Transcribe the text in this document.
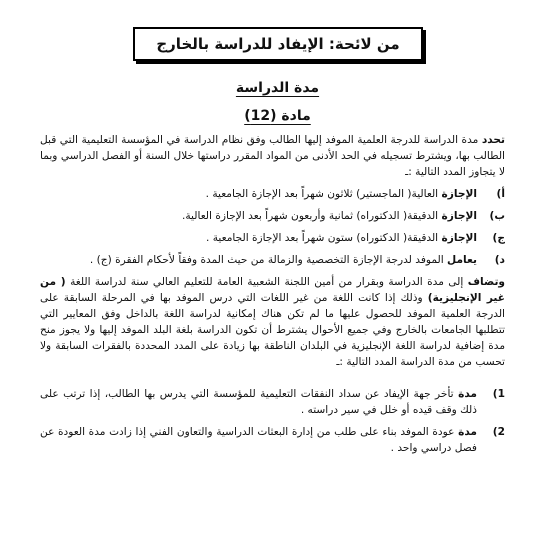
من لائحة: الإيفاد للدراسة بالخارج
مدة الدراسة
مادة (12)

تحدد مدة الدراسة للدرجة العلمية الموفد إليها الطالب وفق نظام الدراسة في المؤسسة التعليمية التي قبل الطالب بها، ويشترط تسجيله في الحد الأدنى من المواد المقرر دراستها خلال السنة أو الفصل الدراسي وبما لا يتجاوز المدد التالية :ـ

أ)
الإجازة العالية( الماجستير) ثلاثون شهراً بعد الإجازة الجامعية .
ب)
الإجازة الدقيقة( الدكتوراه) ثمانية وأربعون شهراً بعد الإجازة العالية.
ج)
الإجازة الدقيقة( الدكتوراه) ستون شهراً بعد الإجازة الجامعية .
د)
يعامل الموفد لدرجة الإجازة التخصصية والزمالة من حيث المدة وفقاً لأحكام الفقرة (ج) .

وتضاف إلى مدة الدراسة وبقرار من أمين اللجنة الشعبية العامة للتعليم العالي سنة لدراسة اللغة ( من غير الإنجليزية) وذلك إذا كانت اللغة من غير اللغات التي درس الموفد بها في المرحلة السابقة على الدرجة العلمية الموفد للحصول عليها ما لم تكن هناك إمكانية لدراسة اللغة بالداخل وفق المعايير التي تتطلبها الجامعات بالخارج وفي جميع الأحوال يشترط أن تكون الدراسة بلغة البلد الموفد إليها ولا يجوز منح مدة إضافية لدراسة اللغة الإنجليزية في البلدان الناطقة بها زيادة على المدد المحددة بالفقرات السابقة ولا تحسب من مدة الدراسة المدد التالية :ـ

1)
مدة تأخر جهة الإيفاد عن سداد النفقات التعليمية للمؤسسة التي يدرس بها الطالب، إذا ترتب على ذلك وقف قيده أو خلل في سير دراسته .
2)
مدة عودة الموفد بناء على طلب من إدارة البعثات الدراسية والتعاون الفني إذا زادت مدة العودة عن فصل دراسي واحد .
